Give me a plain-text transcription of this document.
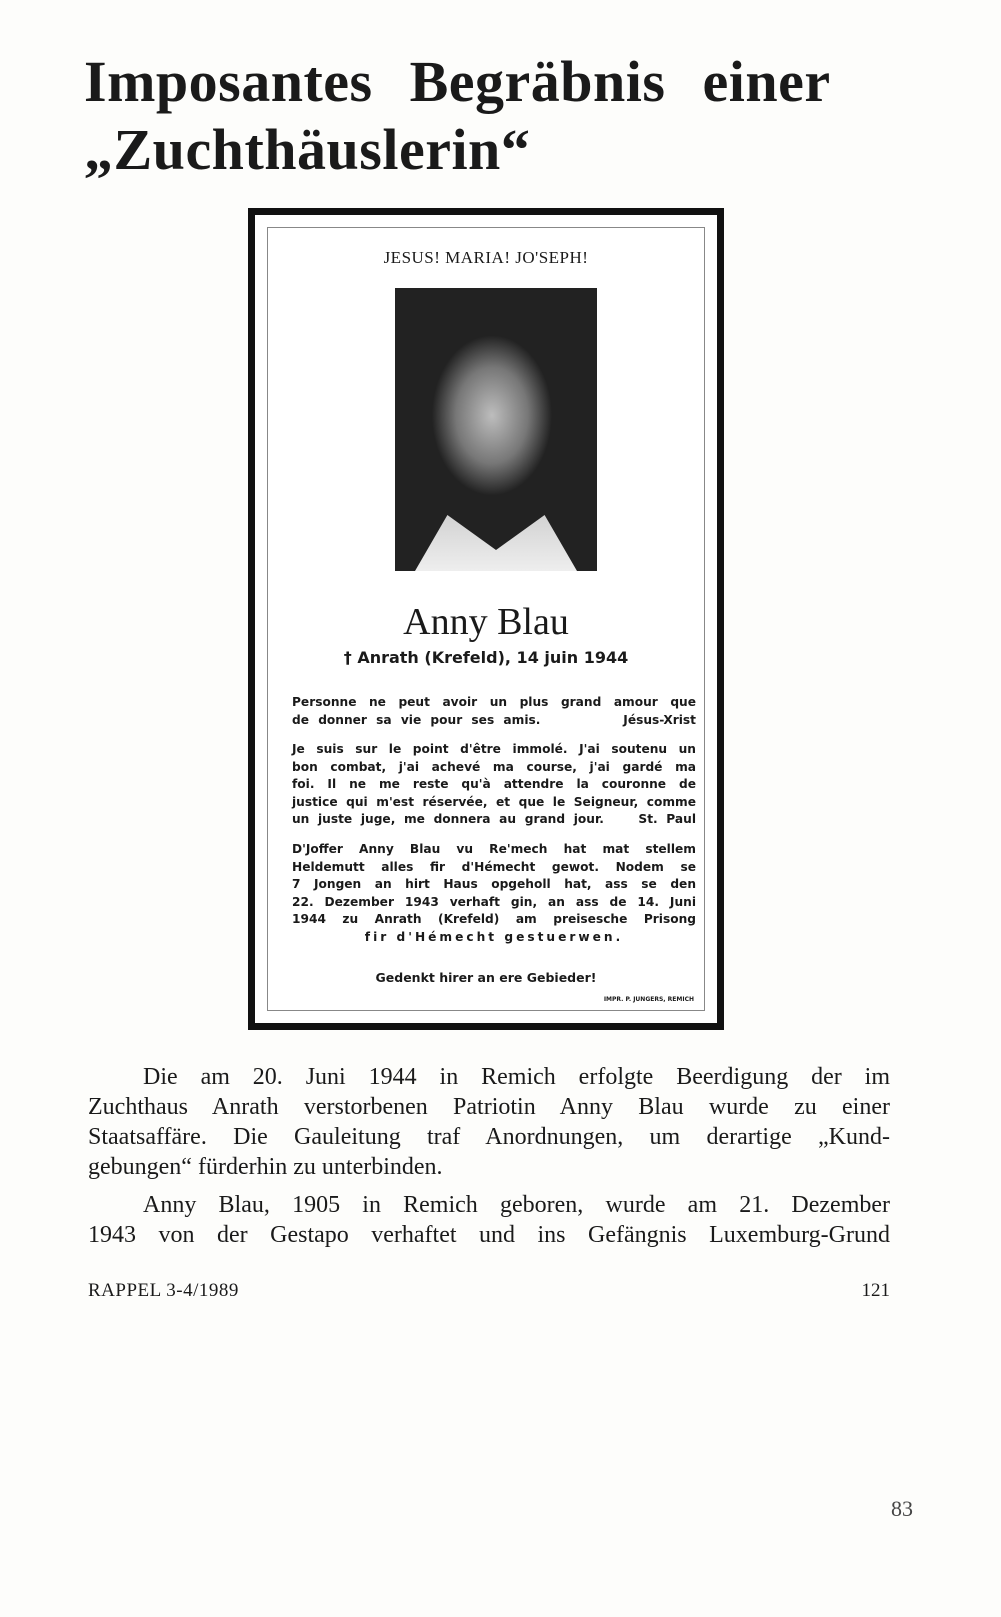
Imposantes Begräbnis einer
„Zuchthäuslerin“
JESUS! MARIA! JO'SEPH!
Anny Blau
† Anrath (Krefeld), 14 juin 1944
Personne ne peut avoir un plus grand amour que
de donner sa vie pour ses amis.         Jésus-Xrist
Je suis sur le point d'être immolé. J'ai soutenu un
bon combat, j'ai achevé ma course, j'ai gardé ma
foi. Il ne me reste qu'à attendre la couronne de
justice qui m'est réservée, et que le Seigneur, comme
un juste juge, me donnera au grand jour.    St. Paul
D'Joffer Anny Blau vu Re'mech hat mat stellem
Heldemutt alles fir d'Hémecht gewot. Nodem se
7 Jongen an hirt Haus opgeholl hat, ass se den
22. Dezember 1943 verhaft gin, an ass de 14. Juni
1944 zu Anrath (Krefeld) am preisesche Prisong
fir d'Hémecht gestuerwen.
Gedenkt hirer an ere Gebieder!
IMPR. P. JUNGERS, REMICH
Die am 20. Juni 1944 in Remich erfolgte Beerdigung der im
Zuchthaus Anrath verstorbenen Patriotin Anny Blau wurde zu einer
Staatsaffäre. Die Gauleitung traf Anordnungen, um derartige „Kund-
gebungen“ fürderhin zu unterbinden.
Anny Blau, 1905 in Remich geboren, wurde am 21. Dezember
1943 von der Gestapo verhaftet und ins Gefängnis Luxemburg-Grund
RAPPEL 3-4/1989	121
83
